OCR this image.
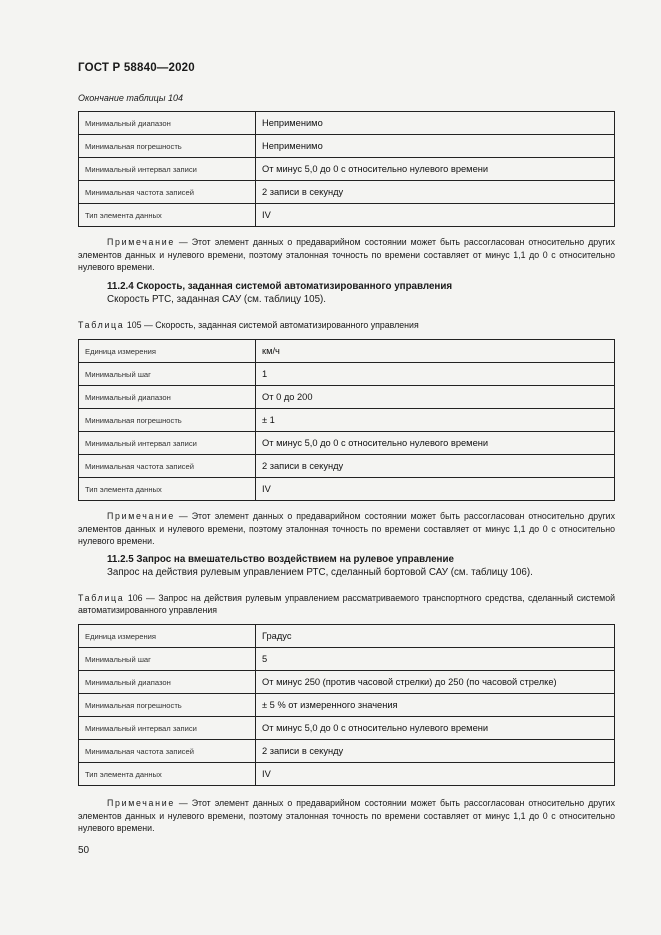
ГОСТ Р 58840—2020
Окончание таблицы 104
Минимальный диапазон	Неприменимо
Минимальная погрешность	Неприменимо
Минимальный интервал записи	От минус 5,0 до 0 с относительно нулевого времени
Минимальная частота записей	2 записи в секунду
Тип элемента данных	IV
Примечание — Этот элемент данных о предаварийном состоянии может быть рассогласован относительно других элементов данных и нулевого времени, поэтому эталонная точность по времени составляет от минус 1,1 до 0 с относительно нулевого времени.
11.2.4 Скорость, заданная системой автоматизированного управления
Скорость РТС, заданная САУ (см. таблицу 105).
Таблица 105 — Скорость, заданная системой автоматизированного управления
Единица измерения	км/ч
Минимальный шаг	1
Минимальный диапазон	От 0 до 200
Минимальная погрешность	± 1
Минимальный интервал записи	От минус 5,0 до 0 с относительно нулевого времени
Минимальная частота записей	2 записи в секунду
Тип элемента данных	IV
Примечание — Этот элемент данных о предаварийном состоянии может быть рассогласован относительно других элементов данных и нулевого времени, поэтому эталонная точность по времени составляет от минус 1,1 до 0 с относительно нулевого времени.
11.2.5 Запрос на вмешательство воздействием на рулевое управление
Запрос на действия рулевым управлением РТС, сделанный бортовой САУ (см. таблицу 106).
Таблица 106 — Запрос на действия рулевым управлением рассматриваемого транспортного средства, сделанный системой автоматизированного управления
Единица измерения	Градус
Минимальный шаг	5
Минимальный диапазон	От минус 250 (против часовой стрелки) до 250 (по часовой стрелке)
Минимальная погрешность	± 5 % от измеренного значения
Минимальный интервал записи	От минус 5,0 до 0 с относительно нулевого времени
Минимальная частота записей	2 записи в секунду
Тип элемента данных	IV
Примечание — Этот элемент данных о предаварийном состоянии может быть рассогласован относительно других элементов данных и нулевого времени, поэтому эталонная точность по времени составляет от минус 1,1 до 0 с относительно нулевого времени.
50
